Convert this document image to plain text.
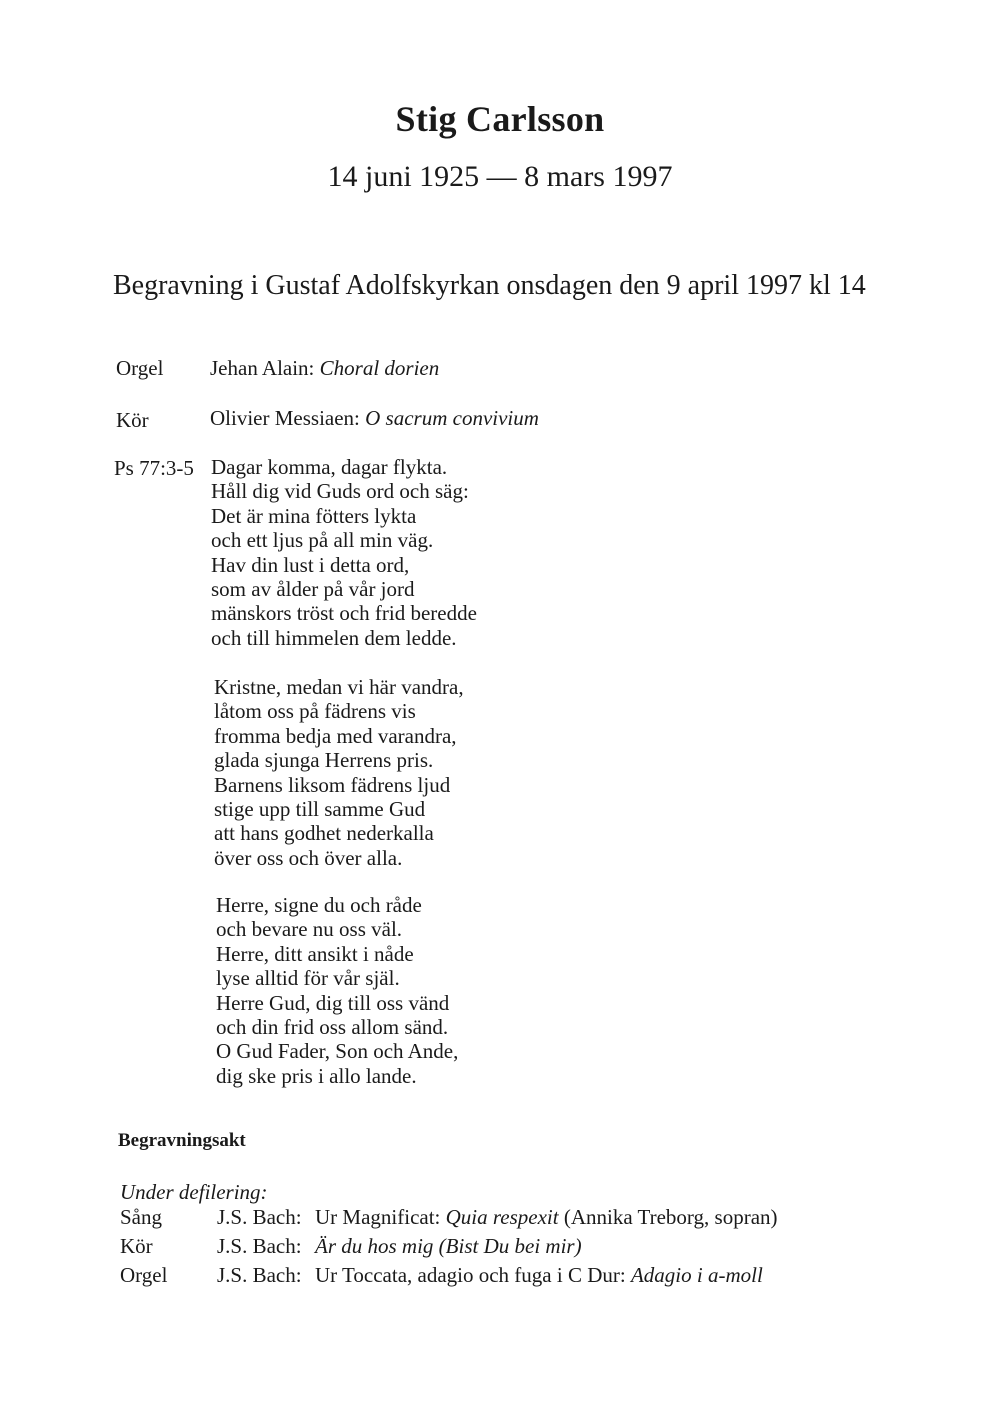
Stig Carlsson
14 juni 1925 — 8 mars 1997
Begravning i Gustaf Adolfskyrkan onsdagen den 9 april 1997 kl 14
Orgel Jehan Alain: Choral dorien
Kör	Olivier Messiaen: O sacrum convivium
Ps 77:3-5 Dagar komma, dagar flykta.
Håll dig vid Guds ord och säg:
Det är mina fötters lykta
och ett ljus på all min väg.
Hav din lust i detta ord,
som av ålder på vår jord
mänskors tröst och frid beredde
och till himmelen dem ledde.
Kristne, medan vi här vandra,
låtom oss på fädrens vis
fromma bedja med varandra,
glada sjunga Herrens pris.
Barnens liksom fädrens ljud
stige upp till samme Gud
att hans godhet nederkalla
över oss och över alla.
Herre, signe du och råde
och bevare nu oss väl.
Herre, ditt ansikt i nåde
lyse alltid för vår själ.
Herre Gud, dig till oss vänd
och din frid oss allom sänd.
O Gud Fader, Son och Ande,
dig ske pris i allo lande.
Begravningsakt
Under defilering:
Sång	J.S. Bach: Ur Magnificat: Quia respexit (Annika Treborg, sopran)
Kör	J.S. Bach: Är du hos mig (Bist Du bei mir)
Orgel J.S. Bach: Ur Toccata, adagio och fuga i C Dur: Adagio i a-moll
